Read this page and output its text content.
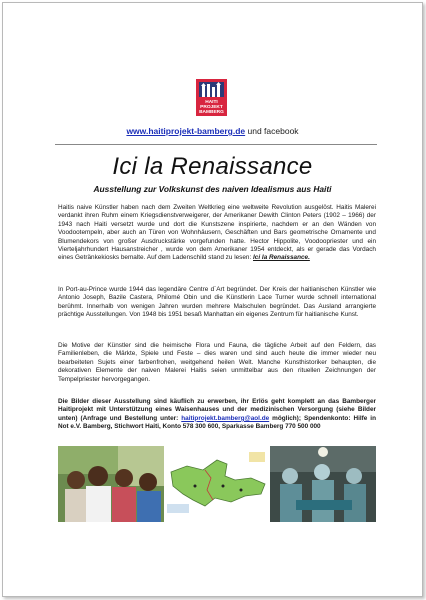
HAITI
PROJEKT
BAMBERG
www.haitiprojekt-bamberg.de und facebook
Ici la Renaissance
Ausstellung zur Volkskunst des naiven Idealismus aus Haiti

Haitis naive Künstler haben nach dem Zweiten Weltkrieg eine weltweite Revolution ausgelöst. Haitis Malerei verdankt ihren Ruhm einem Kriegsdienstverweigerer, der Amerikaner Dewith Clinton Peters (1902 – 1966) der 1943 nach Haiti versetzt wurde und dort die Kunstszene inspirierte, nachdem er an den Wänden von Voodootempeln, aber auch an Türen von Wohnhäusern, Geschäften und Bars geometrische Ornamente und Blumendekors von großer Ausdruckstärke vorgefunden hatte. Hector Hippolite, Voodoopriester und ein Vierteljahrhundert Hausanstreicher , wurde von dem Amerikaner 1954 entdeckt, als er gerade das Vordach eines Getränkekiosks bemalte. Auf dem Ladenschild stand zu lesen: Ici la Renaissance.

In Port-au-Prince wurde 1944 das legendäre Centre d´Art begründet. Der Kreis der haitianischen Künstler wie Antonio Joseph, Bazile Castera, Philomé Obin und die Künstlerin Lace Turner wurde schnell international berühmt. Innerhalb von wenigen Jahren wurden mehrere Malschulen begründet. Das Ausland arrangierte prächtige Ausstellungen. Von 1948 bis 1951 besaß Manhattan ein eigenes Zentrum für haitianische Kunst.

Die Motive der Künstler sind die heimische Flora und Fauna, die tägliche Arbeit auf den Feldern, das Familienleben, die Märkte, Spiele und Feste – dies waren und sind auch heute die immer wieder neu bearbeiteten Sujets einer farbenfrohen, weitgehend heilen Welt. Manche Kunsthistoriker behaupten, die dekorativen Elemente der naiven Malerei Haitis seien unmittelbar aus den rituellen Zeichnungen der Tempelpriester hervorgegangen.

Die Bilder dieser Ausstellung sind käuflich zu erwerben, ihr Erlös geht komplett an das Bamberger Haitiprojekt mit Unterstützung eines Waisenhauses und der medizinischen Versorgung (siehe Bilder unten) (Anfrage und Bestellung unter: haitiprojekt.bamberg@aol.de möglich); Spendenkonto: Hilfe in Not e.V. Bamberg, Stichwort Haiti, Konto 578 300 600, Sparkasse Bamberg 770 500 000
